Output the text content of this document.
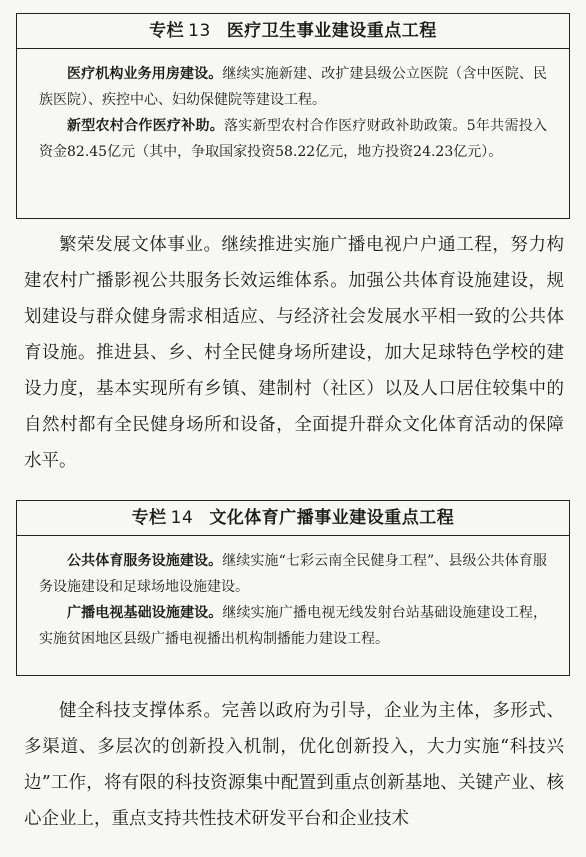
专栏 13 医疗卫生事业建设重点工程

医疗机构业务用房建设。继续实施新建、改扩建县级公立医院（含中医院、民族医院）、疾控中心、妇幼保健院等建设工程。

新型农村合作医疗补助。落实新型农村合作医疗财政补助政策。5年共需投入资金82.45亿元（其中，争取国家投资58.22亿元，地方投资24.23亿元）。

繁荣发展文体事业。继续推进实施广播电视户户通工程，努力构建农村广播影视公共服务长效运维体系。加强公共体育设施建设，规划建设与群众健身需求相适应、与经济社会发展水平相一致的公共体育设施。推进县、乡、村全民健身场所建设，加大足球特色学校的建设力度，基本实现所有乡镇、建制村（社区）以及人口居住较集中的自然村都有全民健身场所和设备，全面提升群众文化体育活动的保障水平。

专栏 14 文化体育广播事业建设重点工程

公共体育服务设施建设。继续实施“七彩云南全民健身工程”、县级公共体育服务设施建设和足球场地设施建设。

广播电视基础设施建设。继续实施广播电视无线发射台站基础设施建设工程，实施贫困地区县级广播电视播出机构制播能力建设工程。

健全科技支撑体系。完善以政府为引导，企业为主体，多形式、多渠道、多层次的创新投入机制，优化创新投入，大力实施“科技兴边”工作，将有限的科技资源集中配置到重点创新基地、关键产业、核心企业上，重点支持共性技术研发平台和企业技术
